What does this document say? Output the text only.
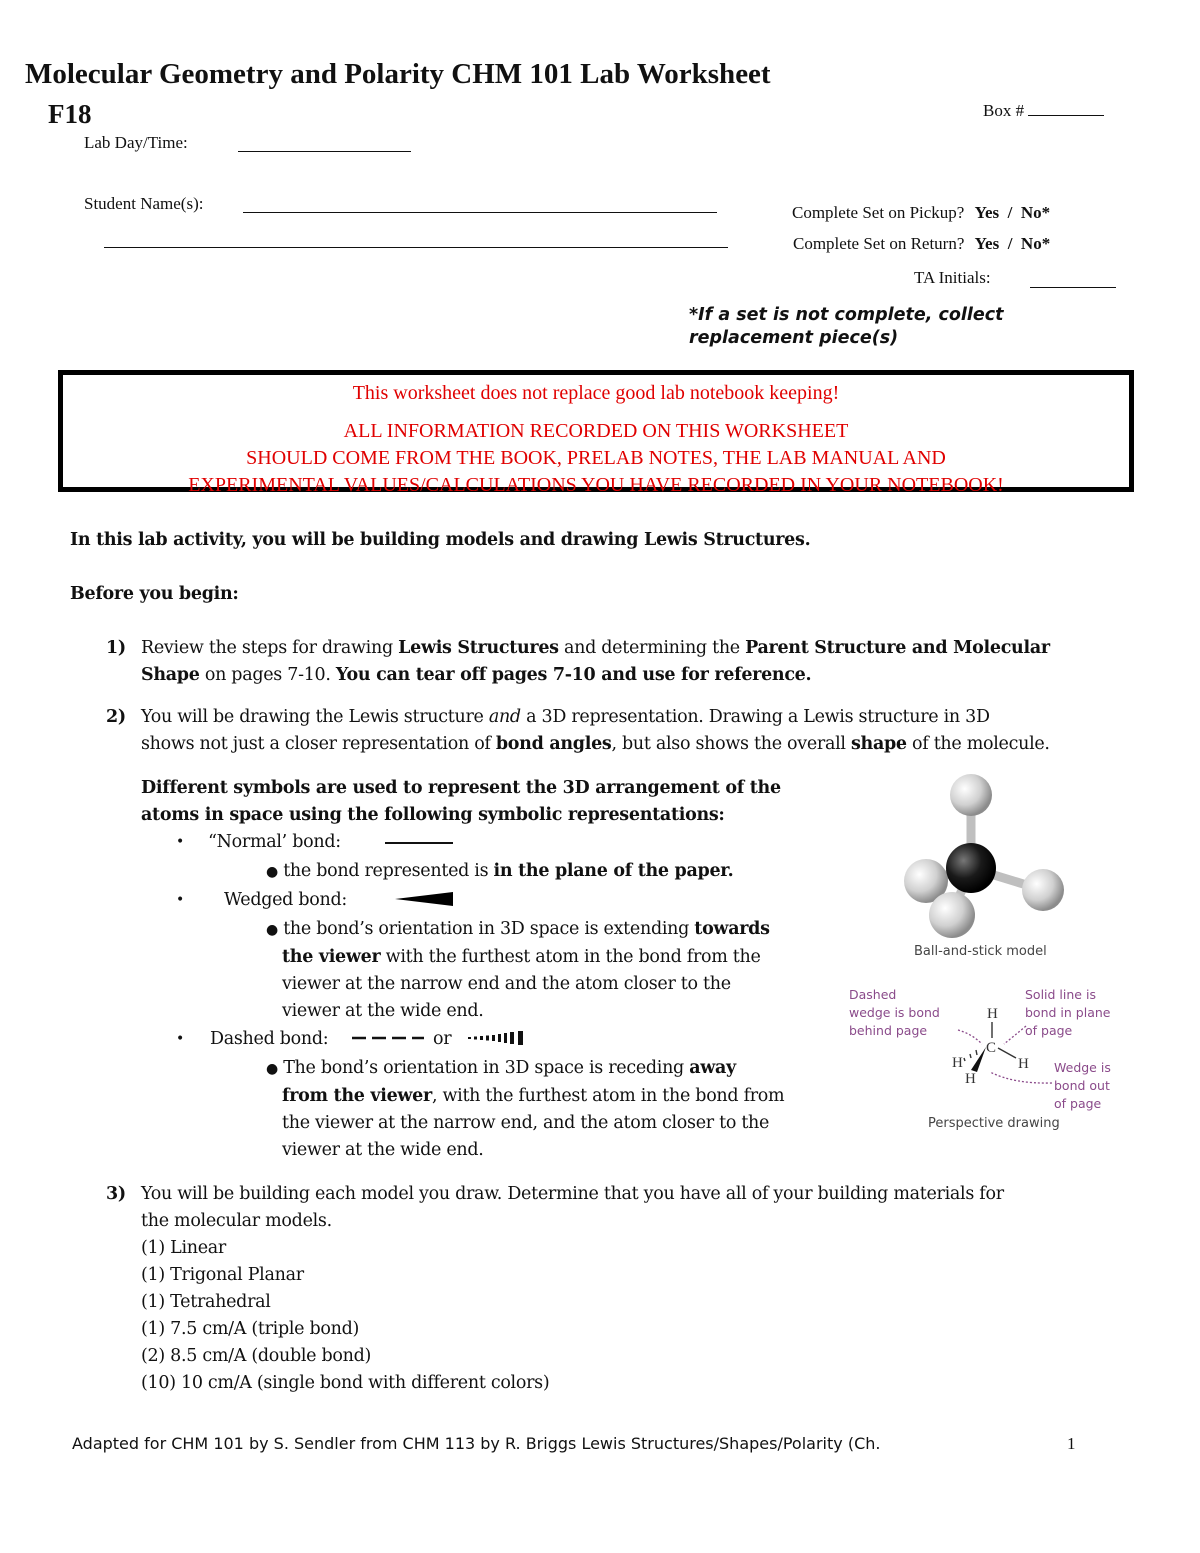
Molecular Geometry and Polarity CHM 101 Lab Worksheet
F18	Box #
Lab Day/Time:
Student Name(s):	Complete Set on Pickup? Yes  /  No*
Complete Set on Return? Yes  /  No*
TA Initials:
*If a set is not complete, collect
replacement piece(s)
This worksheet does not replace good lab notebook keeping!
ALL INFORMATION RECORDED ON THIS WORKSHEET
SHOULD COME FROM THE BOOK, PRELAB NOTES, THE LAB MANUAL AND
EXPERIMENTAL VALUES/CALCULATIONS YOU HAVE RECORDED IN YOUR NOTEBOOK!
In this lab activity, you will be building models and drawing Lewis Structures.
Before you begin:
1) Review the steps for drawing Lewis Structures and determining the Parent Structure and Molecular
Shape on pages 7-10. You can tear off pages 7-10 and use for reference.
2) You will be drawing the Lewis structure and a 3D representation. Drawing a Lewis structure in 3D
shows not just a closer representation of bond angles, but also shows the overall shape of the molecule.
Different symbols are used to represent the 3D arrangement of the
atoms in space using the following symbolic representations:
• “Normal’ bond:
● the bond represented is in the plane of the paper.
• Wedged bond:
● the bond’s orientation in 3D space is extending towards
the viewer with the furthest atom in the bond from the
viewer at the narrow end and the atom closer to the
viewer at the wide end.
• Dashed bond:	or
● The bond’s orientation in 3D space is receding away
from the viewer, with the furthest atom in the bond from
the viewer at the narrow end, and the atom closer to the
viewer at the wide end.
Ball-and-stick model
Dashed
wedge is bond
behind page
Solid line is
bond in plane
of page
Wedge is
bond out
of page
H
C
H
H
H
Perspective drawing
3) You will be building each model you draw. Determine that you have all of your building materials for
the molecular models.
(1) Linear
(1) Trigonal Planar
(1) Tetrahedral
(1) 7.5 cm/A (triple bond)
(2) 8.5 cm/A (double bond)
(10) 10 cm/A (single bond with different colors)
Adapted for CHM 101 by S. Sendler from CHM 113 by R. Briggs Lewis Structures/Shapes/Polarity (Ch.	1
